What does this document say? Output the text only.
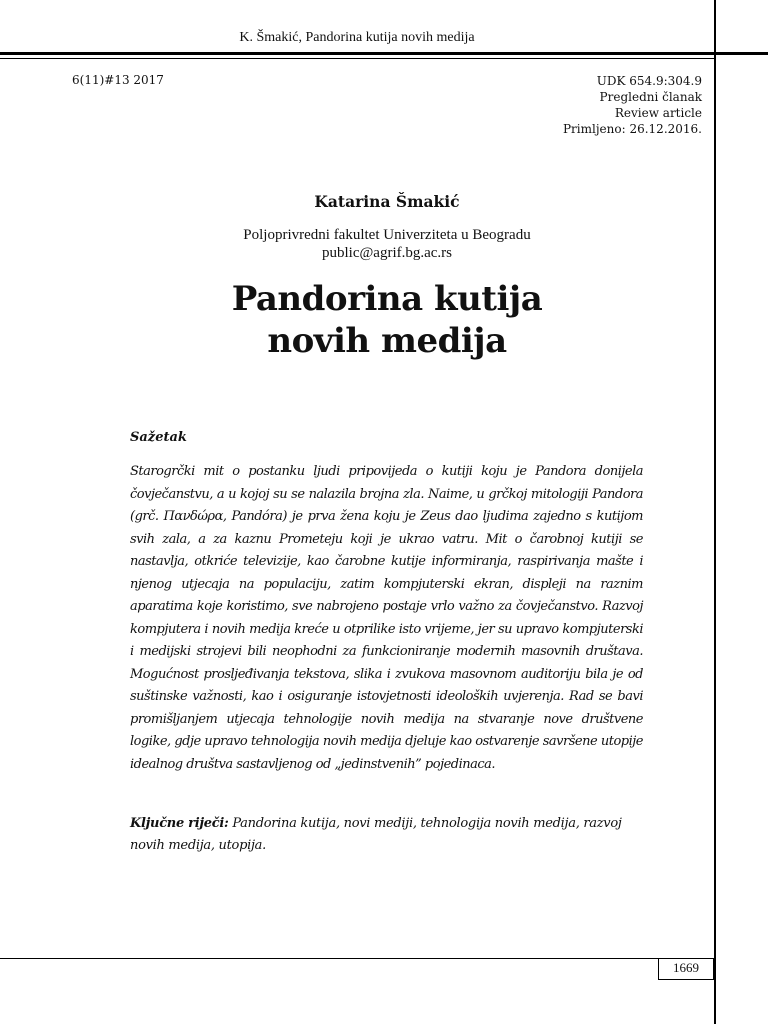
K. Šmakić, Pandorina kutija novih medija
6(11)#13 2017	UDK 654.9:304.9
Pregledni članak
Review article
Primljeno: 26.12.2016.
Katarina Šmakić
Poljoprivredni fakultet Univerziteta u Beogradu
public@agrif.bg.ac.rs
Pandorina kutija
novih medija
Sažetak
Starogrčki mit o postanku ljudi pripovijeda o kutiji koju je Pandora donijela čovječanstvu, a u kojoj su se nalazila brojna zla. Naime, u grčkoj mitologiji Pandora (grč. Πανδώρα, Pandóra) je prva žena koju je Zeus dao ljudima zajedno s kutijom svih zala, a za kaznu Prometeju koji je ukrao vatru. Mit o čarobnoj kutiji se nastavlja, otkriće televizije, kao čarobne kutije informiranja, raspirivanja mašte i njenog utjecaja na populaciju, zatim kompjuterski ekran, displeji na raznim aparatima koje koristimo, sve nabrojeno postaje vrlo važno za čovječanstvo. Razvoj kompjutera i novih medija kreće u otprilike isto vrijeme, jer su upravo kompjuterski i medijski strojevi bili neophodni za funkcioniranje modernih masovnih društava. Mogućnost prosljeđivanja tekstova, slika i zvukova masovnom auditoriju bila je od suštinske važnosti, kao i osiguranje istovjetnosti ideoloških uvjerenja. Rad se bavi promišljanjem utjecaja tehnologije novih medija na stvaranje nove društvene logike, gdje upravo tehnologija novih medija djeluje kao ostvarenje savršene utopije idealnog društva sastavljenog od „jedinstvenih” pojedinaca.
Ključne riječi: Pandorina kutija, novi mediji, tehnologija novih medija, razvoj novih medija, utopija.
1669
